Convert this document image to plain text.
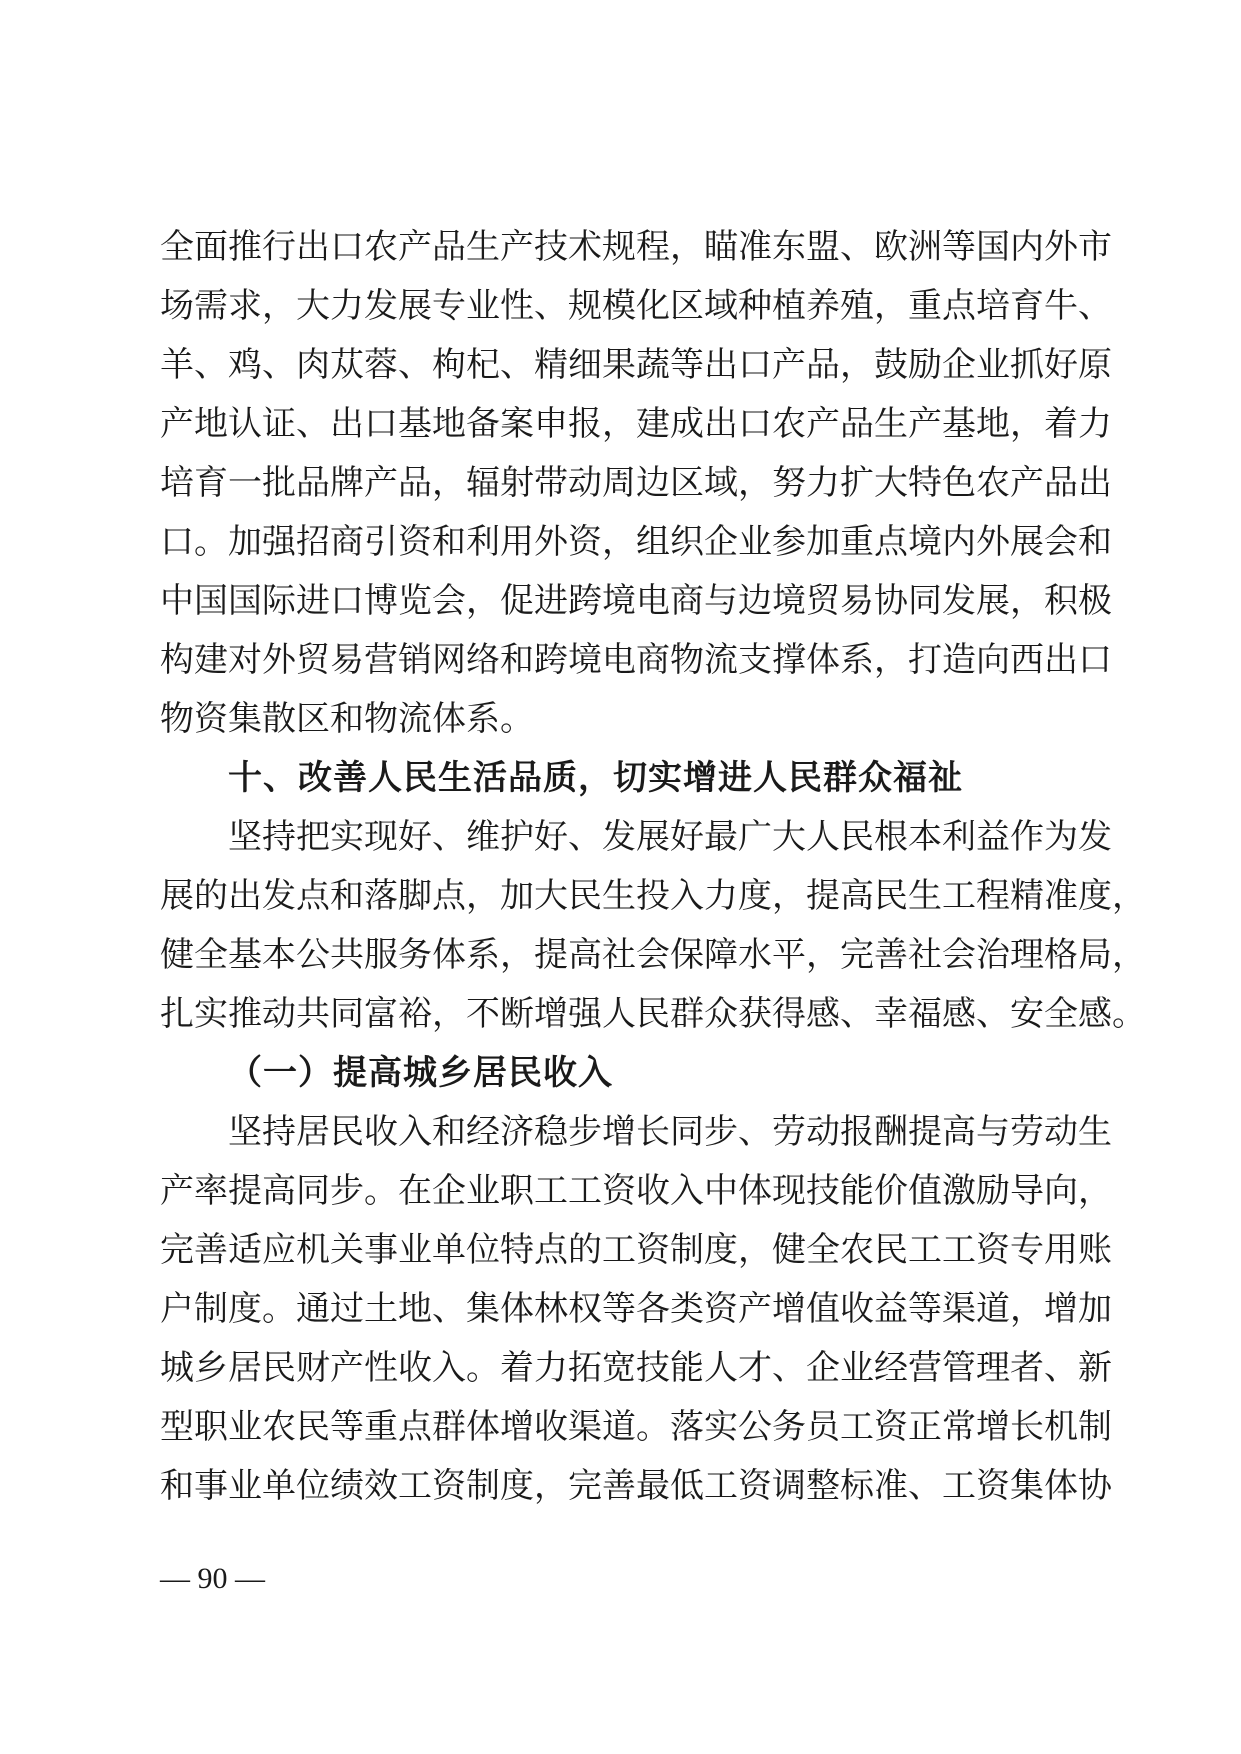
全面推行出口农产品生产技术规程，瞄准东盟、欧洲等国内外市
场需求，大力发展专业性、规模化区域种植养殖，重点培育牛、
羊、鸡、肉苁蓉、枸杞、精细果蔬等出口产品，鼓励企业抓好原
产地认证、出口基地备案申报，建成出口农产品生产基地，着力
培育一批品牌产品，辐射带动周边区域，努力扩大特色农产品出
口。加强招商引资和利用外资，组织企业参加重点境内外展会和
中国国际进口博览会，促进跨境电商与边境贸易协同发展，积极
构建对外贸易营销网络和跨境电商物流支撑体系，打造向西出口
物资集散区和物流体系。
十、改善人民生活品质，切实增进人民群众福祉
坚持把实现好、维护好、发展好最广大人民根本利益作为发
展的出发点和落脚点，加大民生投入力度，提高民生工程精准度，
健全基本公共服务体系，提高社会保障水平，完善社会治理格局，
扎实推动共同富裕，不断增强人民群众获得感、幸福感、安全感。
（一）提高城乡居民收入
坚持居民收入和经济稳步增长同步、劳动报酬提高与劳动生
产率提高同步。在企业职工工资收入中体现技能价值激励导向，
完善适应机关事业单位特点的工资制度，健全农民工工资专用账
户制度。通过土地、集体林权等各类资产增值收益等渠道，增加
城乡居民财产性收入。着力拓宽技能人才、企业经营管理者、新
型职业农民等重点群体增收渠道。落实公务员工资正常增长机制
和事业单位绩效工资制度，完善最低工资调整标准、工资集体协
— 90 —
